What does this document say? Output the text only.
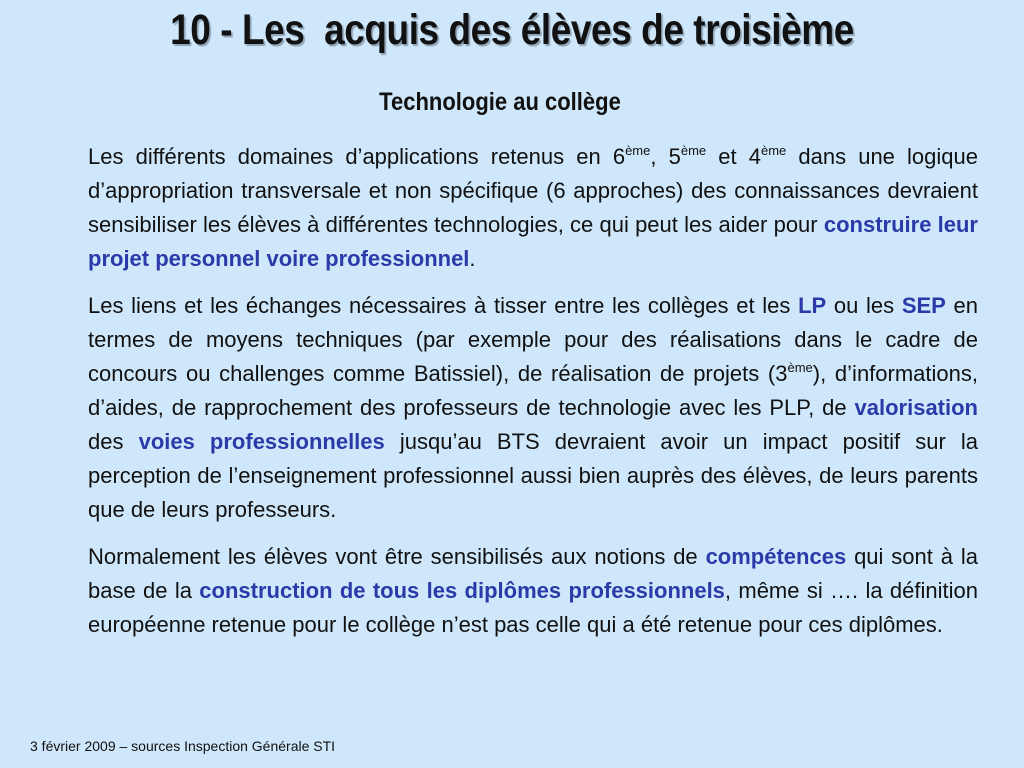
10 - Les  acquis des élèves de troisième
Technologie au collège

Les différents domaines d’applications retenus en 6ème, 5ème et 4ème dans une logique d’appropriation transversale et non spécifique (6 approches) des connaissances devraient sensibiliser les élèves à différentes technologies, ce qui peut les aider pour construire leur projet personnel voire professionnel.

Les liens et les échanges nécessaires à tisser entre les collèges et les LP ou les SEP en termes de moyens techniques (par exemple pour des réalisations dans le cadre de concours ou challenges comme Batissiel), de réalisation de projets (3ème), d’informations, d’aides, de rapprochement des professeurs de technologie avec les PLP, de valorisation des voies professionnelles jusqu’au BTS devraient avoir un impact positif sur la perception de l’enseignement professionnel aussi bien auprès des élèves, de leurs parents que de leurs professeurs.

Normalement les élèves vont être sensibilisés aux notions de compétences qui sont à la base de la construction de tous les diplômes professionnels, même si …. la définition européenne retenue pour le collège n’est pas celle qui a été retenue pour ces diplômes.

3 février 2009 – sources Inspection Générale STI
